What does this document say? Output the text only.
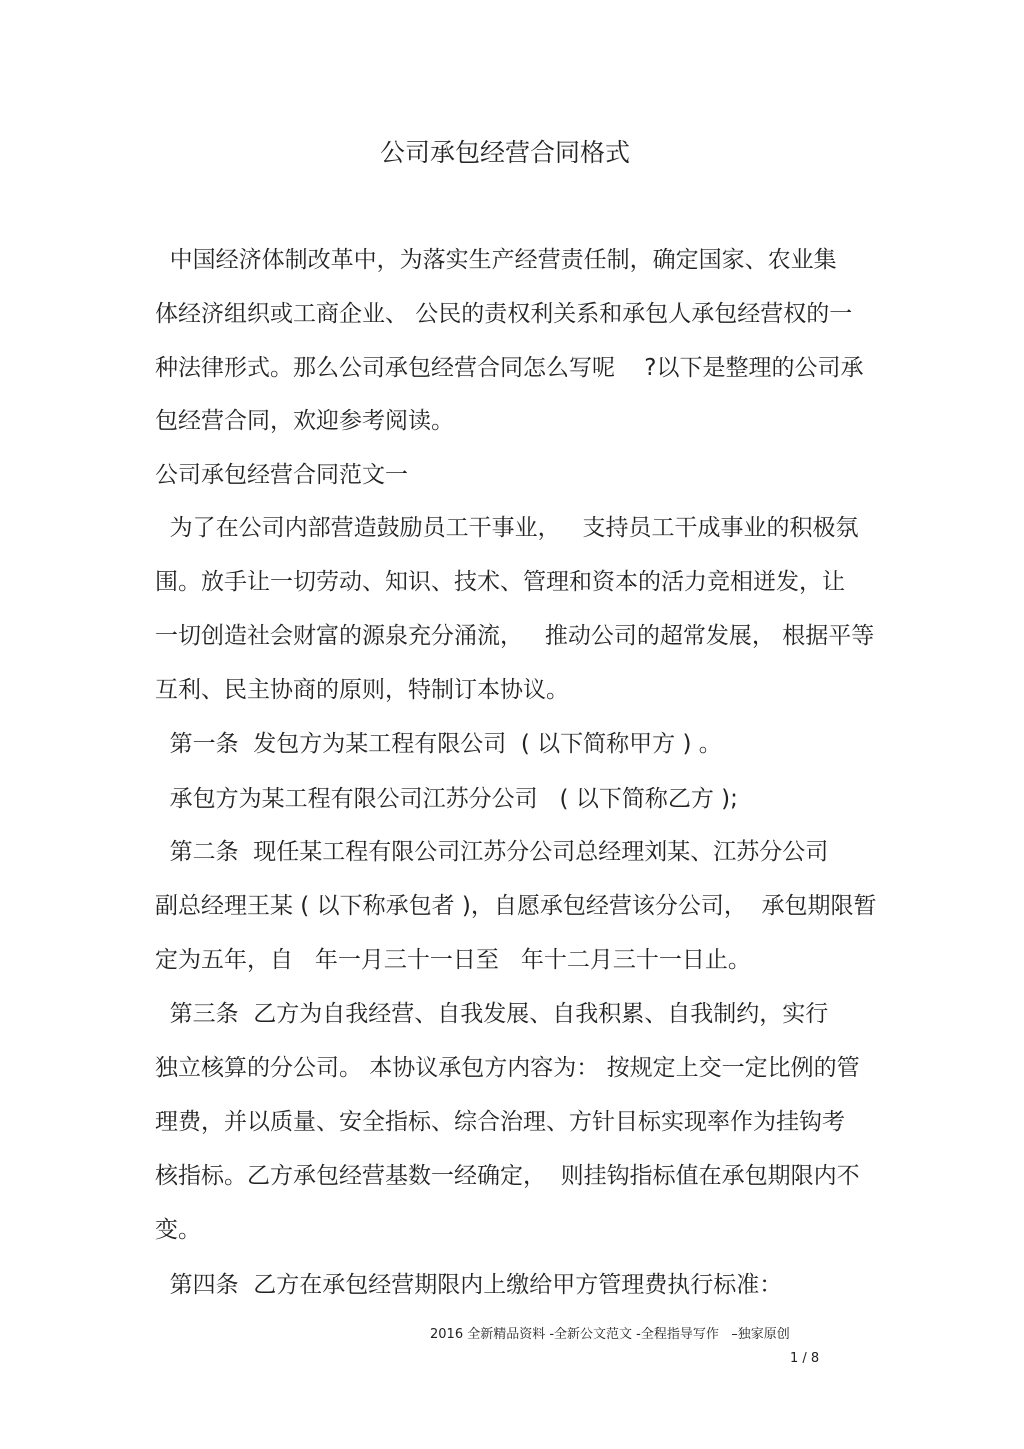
公司承包经营合同格式

中国经济体制改革中，为落实生产经营责任制，确定国家、农业集

体经济组织或工商企业、 公民的责权利关系和承包人承包经营权的一

种法律形式。那么公司承包经营合同怎么写呢    ?以下是整理的公司承

包经营合同，欢迎参考阅读。

公司承包经营合同范文一

为了在公司内部营造鼓励员工干事业，   支持员工干成事业的积极氛

围。放手让一切劳动、知识、技术、管理和资本的活力竞相迸发，让

一切创造社会财富的源泉充分涌流，   推动公司的超常发展， 根据平等

互利、民主协商的原则，特制订本协议。

第一条  发包方为某工程有限公司  ( 以下简称甲方 ) 。

承包方为某工程有限公司江苏分公司   ( 以下简称乙方 );

第二条  现任某工程有限公司江苏分公司总经理刘某、江苏分公司

副总经理王某 ( 以下称承包者 )，自愿承包经营该分公司，  承包期限暂

定为五年，自   年一月三十一日至   年十二月三十一日止。

第三条  乙方为自我经营、自我发展、自我积累、自我制约，实行

独立核算的分公司。 本协议承包方内容为： 按规定上交一定比例的管

理费，并以质量、安全指标、综合治理、方针目标实现率作为挂钩考

核指标。乙方承包经营基数一经确定，  则挂钩指标值在承包期限内不

变。

第四条  乙方在承包经营期限内上缴给甲方管理费执行标准：

2016 全新精品资料 -全新公文范文 -全程指导写作   –独家原创
1 / 8
